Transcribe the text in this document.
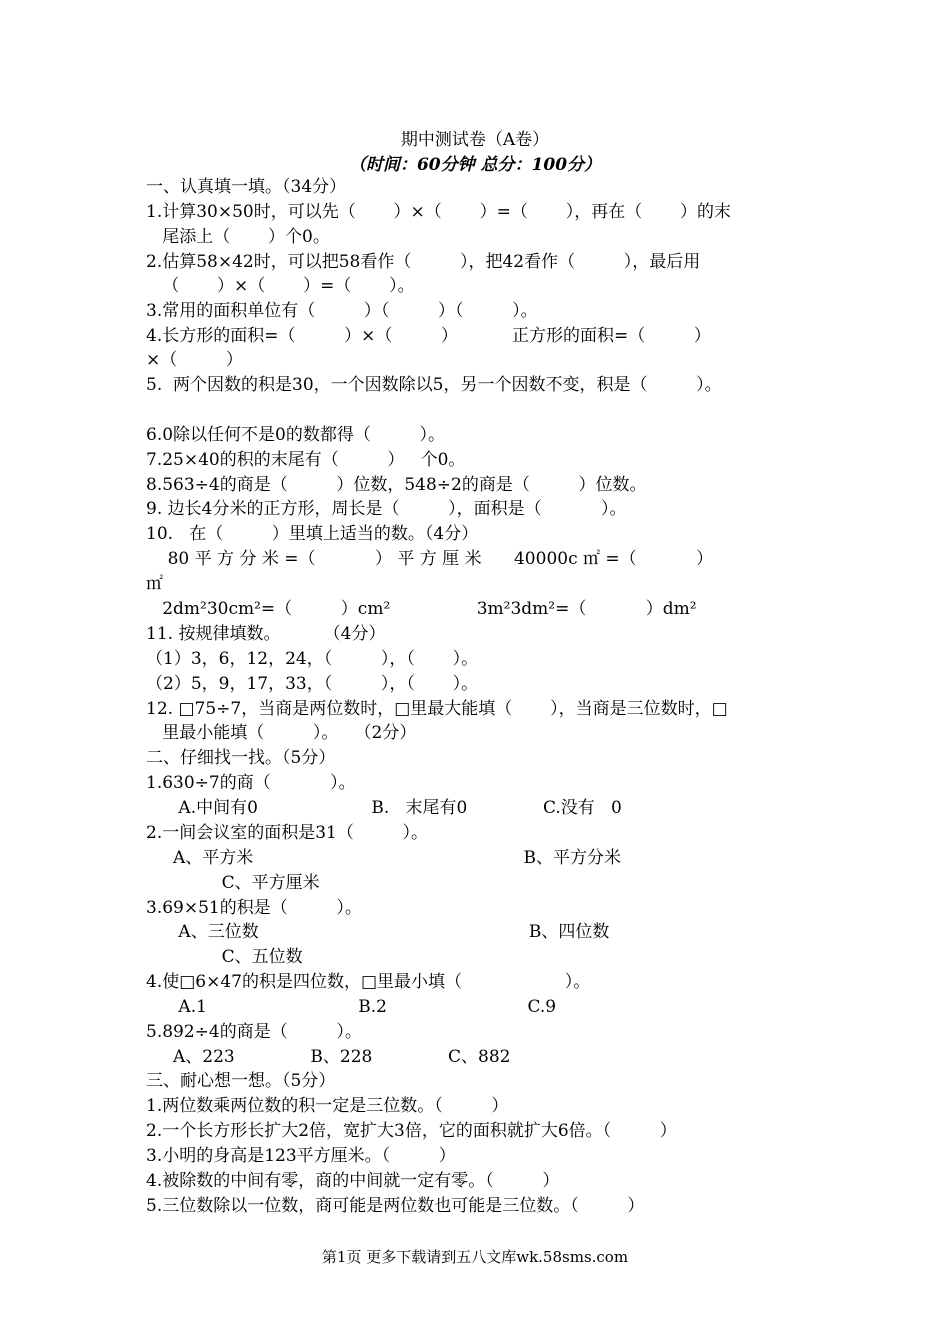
期中测试卷（A卷）
（时间：60分钟 总分：100分）
一、认真填一填。（34分）
1.计算30×50时，可以先（       ）×（       ）=（       ），再在（       ）的末
尾添上（       ）个0。
2.估算58×42时，可以把58看作（         ），把42看作（         ），最后用
（       ）×（       ）=（       ）。
3.常用的面积单位有（         ）（         ）（         ）。
4.长方形的面积=（         ）×（         ）          正方形的面积=（         ）
×（         ）
5.  两个因数的积是30，一个因数除以5，另一个因数不变，积是（         ）。
6.0除以任何不是0的数都得（         ）。
7.25×40的积的末尾有（         ）   个0。
8.563÷4的商是（         ）位数，548÷2的商是（         ）位数。
9. 边长4分米的正方形，周长是（         ），面积是（           ）。
10.   在（         ）里填上适当的数。（4分）
80 平 方 分 米 =（           ） 平 方 厘 米      40000c ㎡ =（           ）
㎡
2dm²30cm²=（         ）cm²                3m²3dm²=（           ）dm²
11. 按规律填数。        （4分）
（1）3，6，12，24，（         ），（       ）。
（2）5，9，17，33，（         ），（       ）。
12. □75÷7，当商是两位数时，□里最大能填（       ），当商是三位数时，□
里最小能填（         ）。   （2分）
二、仔细找一找。（5分）
1.630÷7的商（           ）。
A.中间有0                     B.   末尾有0              C.没有   0
2.一间会议室的面积是31（         ）。
A、平方米                                                  B、平方分米
C、平方厘米
3.69×51的积是（         ）。
A、三位数                                                  B、四位数
C、五位数
4.使□6×47的积是四位数，□里最小填（                   ）。
A.1                            B.2                          C.9
5.892÷4的商是（         ）。
A、223              B、228              C、882
三、耐心想一想。（5分）
1.两位数乘两位数的积一定是三位数。（         ）
2.一个长方形长扩大2倍，宽扩大3倍，它的面积就扩大6倍。（         ）
3.小明的身高是123平方厘米。（         ）
4.被除数的中间有零，商的中间就一定有零。（         ）
5.三位数除以一位数，商可能是两位数也可能是三位数。（         ）
第1页 更多下载请到五八文库wk.58sms.com
